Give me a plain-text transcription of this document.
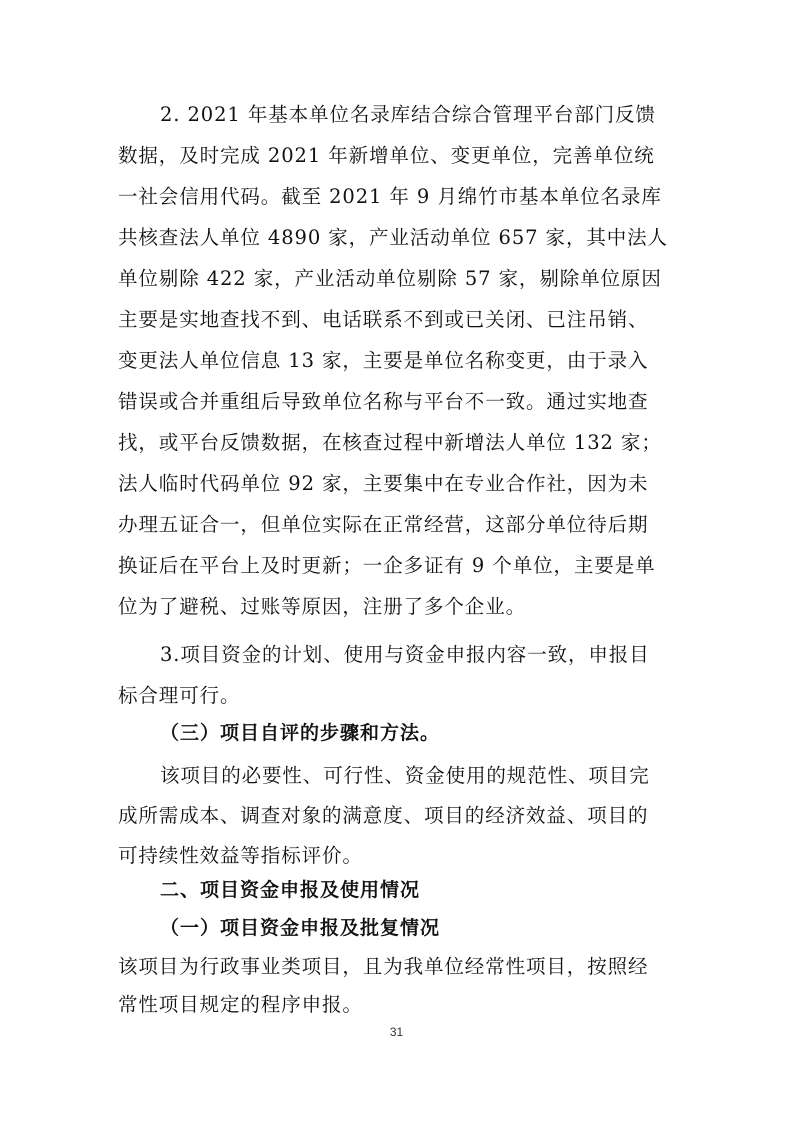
2. 2021 年基本单位名录库结合综合管理平台部门反馈
数据，及时完成 2021 年新增单位、变更单位，完善单位统
一社会信用代码。截至 2021 年 9 月绵竹市基本单位名录库
共核查法人单位 4890 家，产业活动单位 657 家，其中法人
单位剔除 422 家，产业活动单位剔除 57 家，剔除单位原因
主要是实地查找不到、电话联系不到或已关闭、已注吊销、
变更法人单位信息 13 家，主要是单位名称变更，由于录入
错误或合并重组后导致单位名称与平台不一致。通过实地查
找，或平台反馈数据，在核查过程中新增法人单位 132 家；
法人临时代码单位 92 家，主要集中在专业合作社，因为未
办理五证合一，但单位实际在正常经营，这部分单位待后期
换证后在平台上及时更新；一企多证有 9 个单位，主要是单
位为了避税、过账等原因，注册了多个企业。
3.项目资金的计划、使用与资金申报内容一致，申报目
标合理可行。
（三）项目自评的步骤和方法。
该项目的必要性、可行性、资金使用的规范性、项目完
成所需成本、调查对象的满意度、项目的经济效益、项目的
可持续性效益等指标评价。
二、项目资金申报及使用情况
（一）项目资金申报及批复情况
该项目为行政事业类项目，且为我单位经常性项目，按照经
常性项目规定的程序申报。
31
